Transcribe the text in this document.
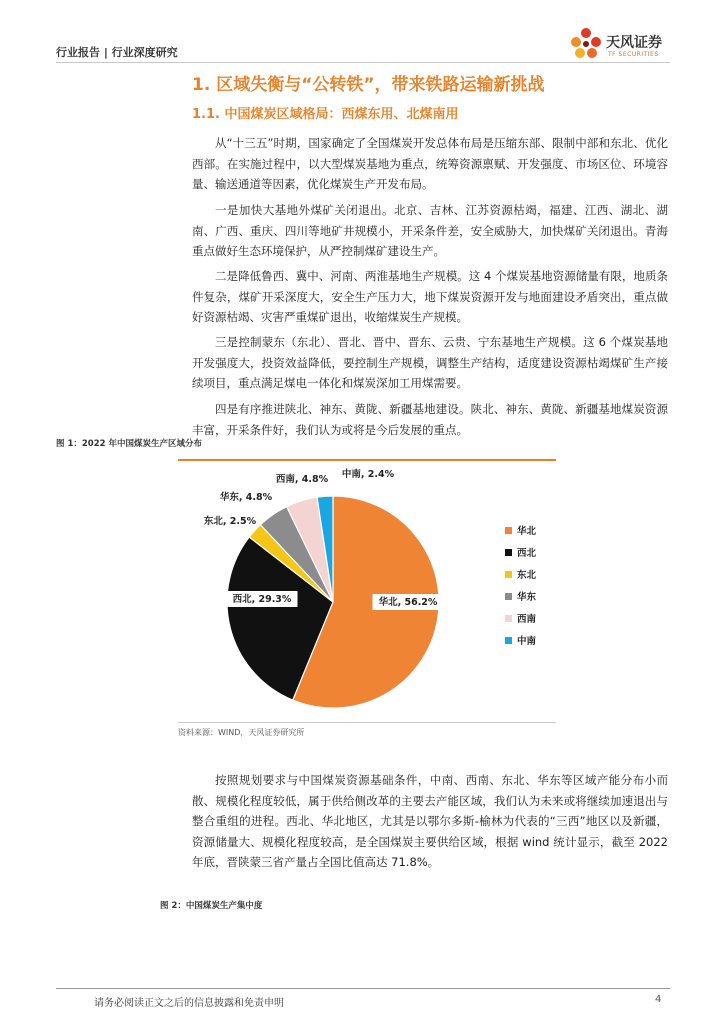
行业报告 | 行业深度研究
天风证券
TF SECURITIES
1. 区域失衡与“公转铁”，带来铁路运输新挑战
1.1. 中国煤炭区域格局：西煤东用、北煤南用
从“十三五”时期，国家确定了全国煤炭开发总体布局是压缩东部、限制中部和东北、优化西部。在实施过程中，以大型煤炭基地为重点，统筹资源禀赋、开发强度、市场区位、环境容量、输送通道等因素，优化煤炭生产开发布局。
一是加快大基地外煤矿关闭退出。北京、吉林、江苏资源枯竭，福建、江西、湖北、湖南、广西、重庆、四川等地矿井规模小，开采条件差，安全威胁大，加快煤矿关闭退出。青海重点做好生态环境保护，从严控制煤矿建设生产。
二是降低鲁西、冀中、河南、两淮基地生产规模。这 4 个煤炭基地资源储量有限，地质条件复杂，煤矿开采深度大，安全生产压力大，地下煤炭资源开发与地面建设矛盾突出，重点做好资源枯竭、灾害严重煤矿退出，收缩煤炭生产规模。
三是控制蒙东（东北）、晋北、晋中、晋东、云贵、宁东基地生产规模。这 6 个煤炭基地开发强度大，投资效益降低，要控制生产规模，调整生产结构，适度建设资源枯竭煤矿生产接续项目，重点满足煤电一体化和煤炭深加工用煤需要。
四是有序推进陕北、神东、黄陇、新疆基地建设。陕北、神东、黄陇、新疆基地煤炭资源丰富，开采条件好，我们认为或将是今后发展的重点。
图 1：2022 年中国煤炭生产区域分布
华北, 56.2%
西北, 29.3%
东北, 2.5%
华东, 4.8%
西南, 4.8% 中南, 2.4%
华北
西北
东北
华东
西南
中南
资料来源：WIND，天风证券研究所
按照规划要求与中国煤炭资源基础条件，中南、西南、东北、华东等区域产能分布小而散、规模化程度较低，属于供给侧改革的主要去产能区域，我们认为未来或将继续加速退出与整合重组的进程。西北、华北地区，尤其是以鄂尔多斯-榆林为代表的“三西”地区以及新疆，资源储量大、规模化程度较高，是全国煤炭主要供给区域，根据 wind 统计显示，截至 2022 年底，晋陕蒙三省产量占全国比值高达 71.8%。
图 2：中国煤炭生产集中度
请务必阅读正文之后的信息披露和免责申明	4
